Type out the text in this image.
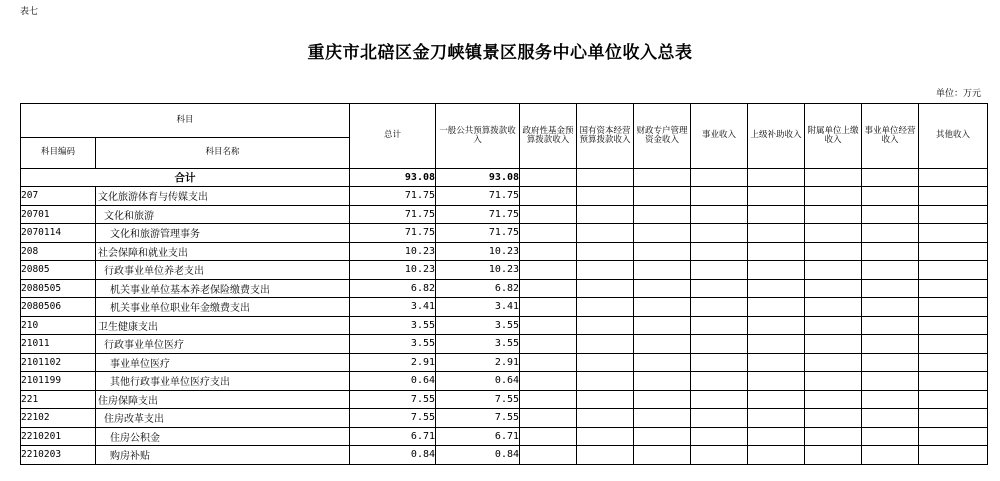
表七
重庆市北碚区金刀峡镇景区服务中心单位收入总表
单位：万元
科目		总计	一般公共预算拨款收入	政府性基金预算拨款收入	国有资本经营预算拨款收入	财政专户管理资金收入	事业收入	上级补助收入	附属单位上缴收入	事业单位经营收入	其他收入
科目编码	科目名称										
合计		93.08	93.08								
207	文化旅游体育与传媒支出	71.75	71.75								
20701	文化和旅游	71.75	71.75								
2070114	文化和旅游管理事务	71.75	71.75								
208	社会保障和就业支出	10.23	10.23								
20805	行政事业单位养老支出	10.23	10.23								
2080505	机关事业单位基本养老保险缴费支出	6.82	6.82								
2080506	机关事业单位职业年金缴费支出	3.41	3.41								
210	卫生健康支出	3.55	3.55								
21011	行政事业单位医疗	3.55	3.55								
2101102	事业单位医疗	2.91	2.91								
2101199	其他行政事业单位医疗支出	0.64	0.64								
221	住房保障支出	7.55	7.55								
22102	住房改革支出	7.55	7.55								
2210201	住房公积金	6.71	6.71								
2210203	购房补贴	0.84	0.84								
